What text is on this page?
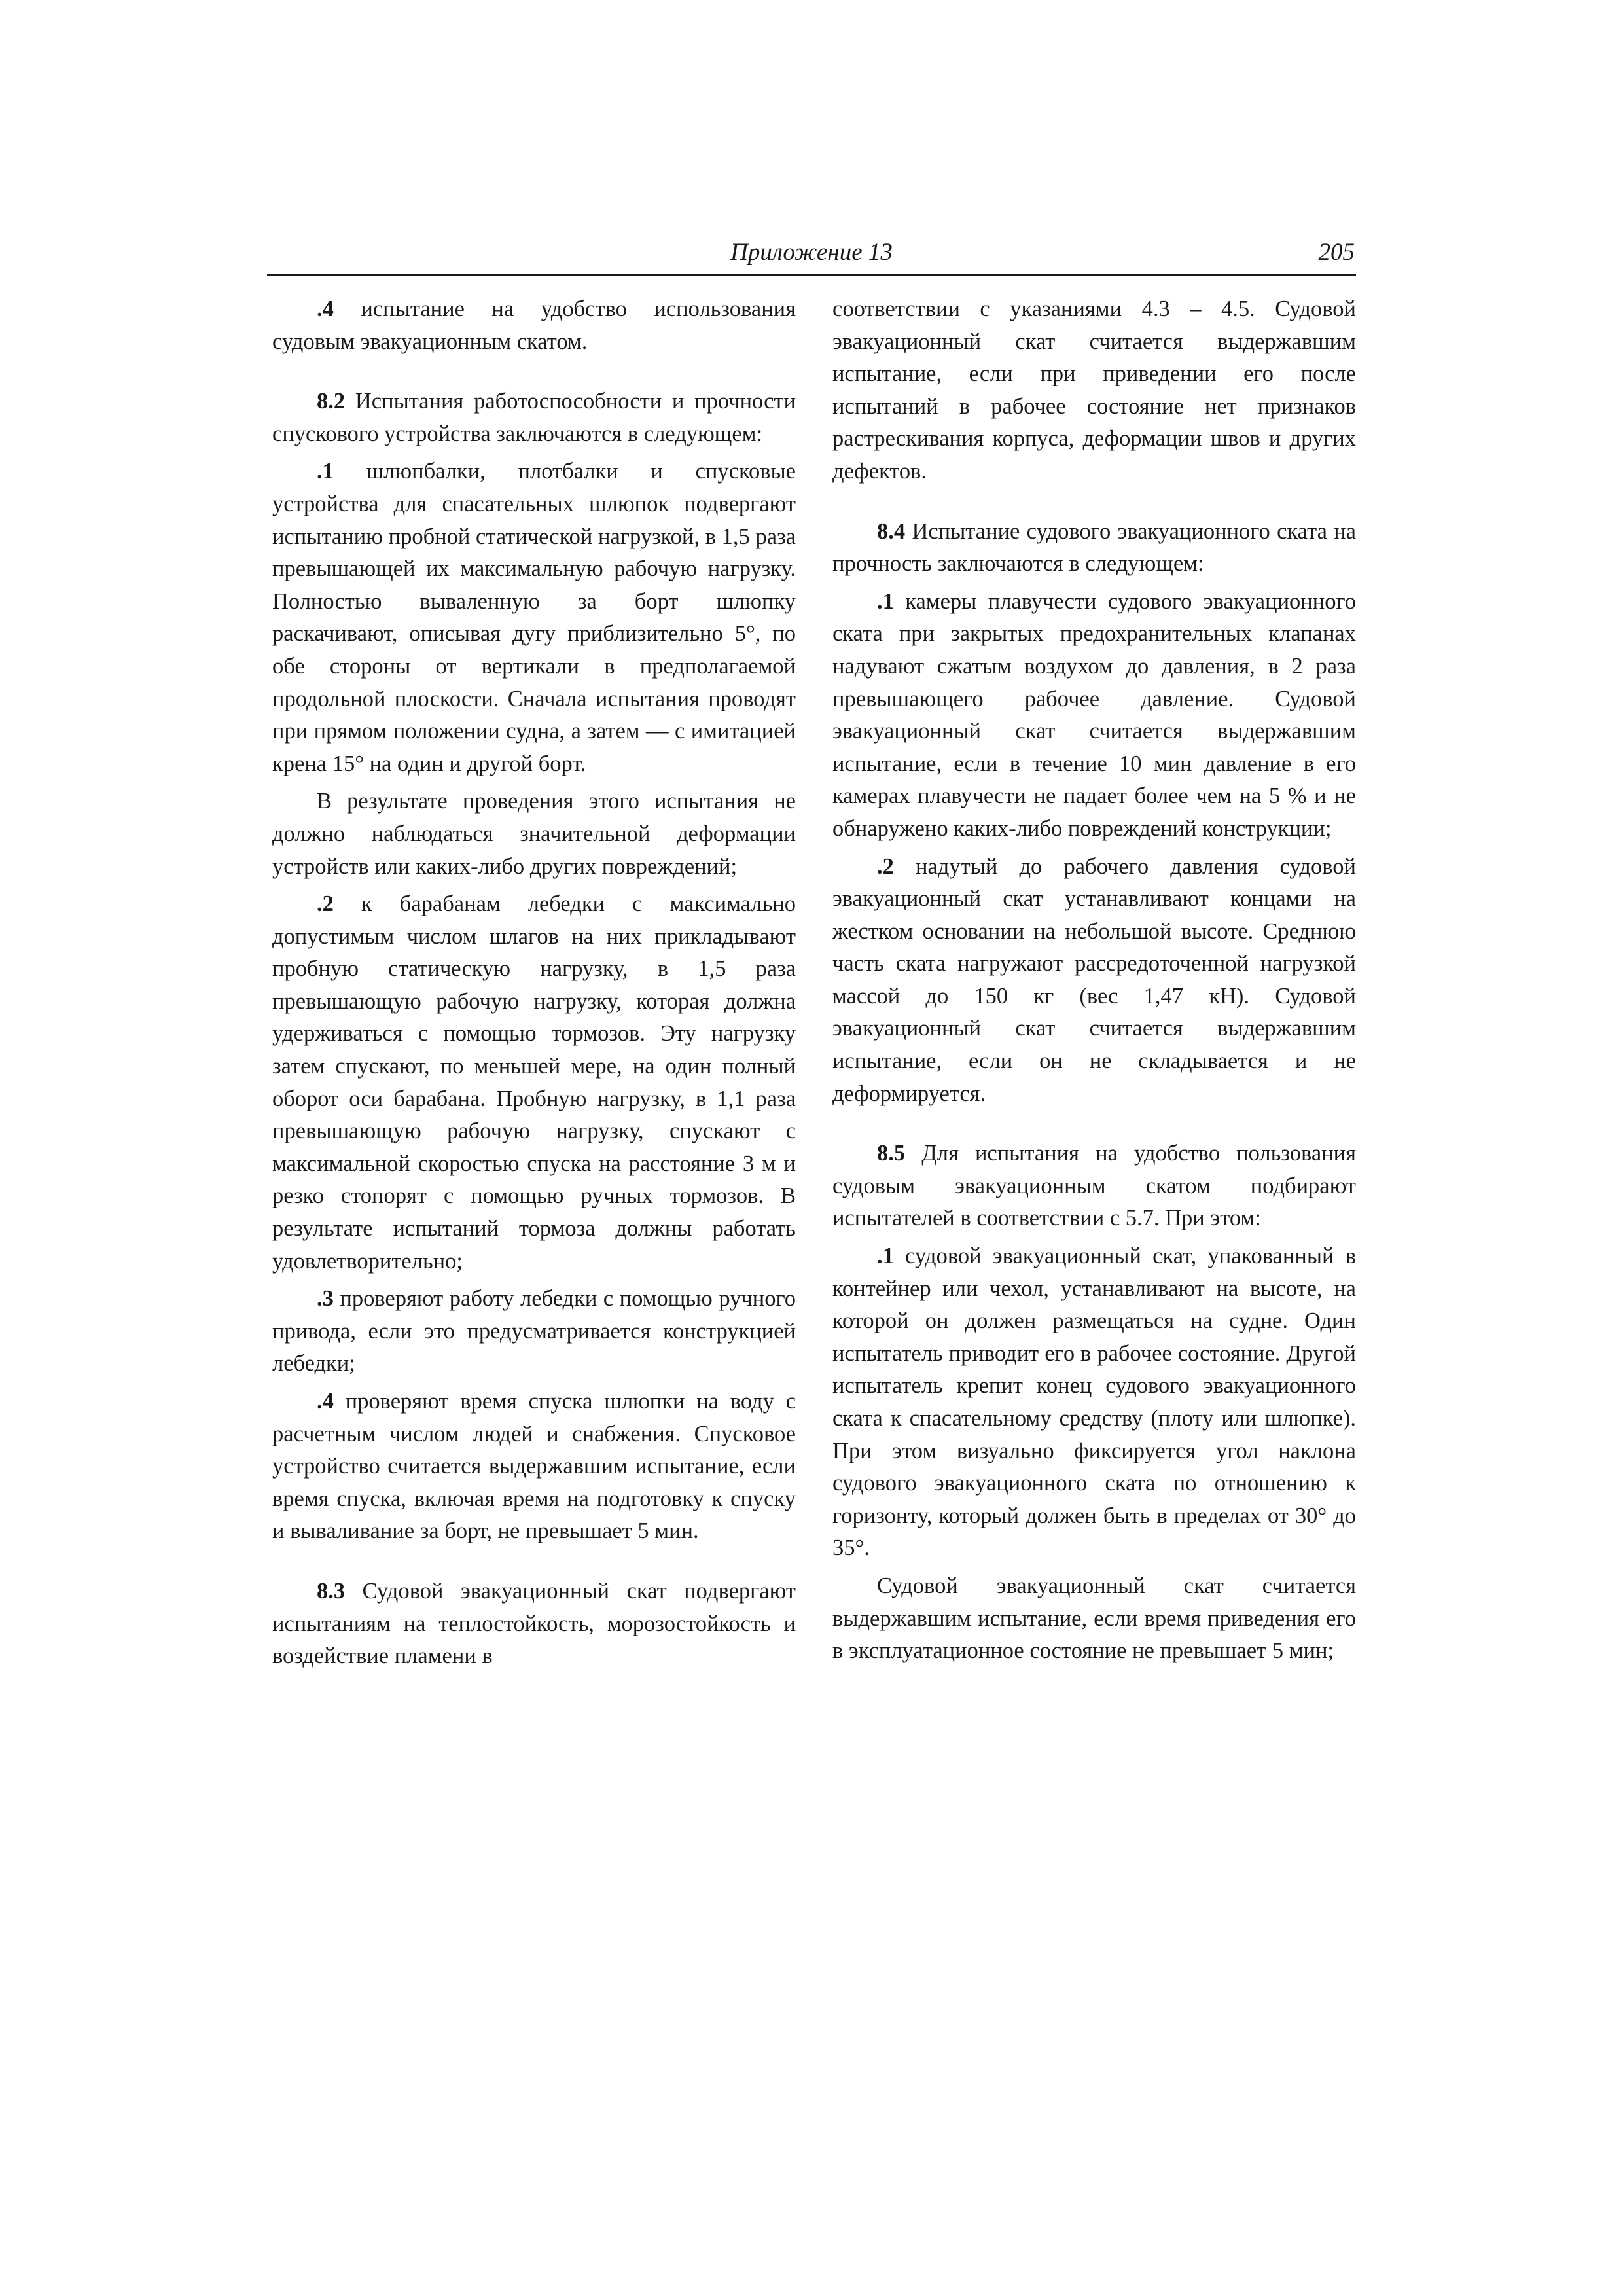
Приложение 13	205

.4 испытание на удобство использования судовым эвакуационным скатом.

8.2 Испытания работоспособности и прочности спускового устройства заключаются в следующем:

.1 шлюпбалки, плотбалки и спусковые устройства для спасательных шлюпок подвергают испытанию пробной статической нагрузкой, в 1,5 раза превышающей их максимальную рабочую нагрузку. Полностью вываленную за борт шлюпку раскачивают, описывая дугу приблизительно 5°, по обе стороны от вертикали в предполагаемой продольной плоскости. Сначала испытания проводят при прямом положении судна, а затем — с имитацией крена 15° на один и другой борт.

В результате проведения этого испытания не должно наблюдаться значительной деформации устройств или каких-либо других повреждений;

.2 к барабанам лебедки с максимально допустимым числом шлагов на них прикладывают пробную статическую нагрузку, в 1,5 раза превышающую рабочую нагрузку, которая должна удерживаться с помощью тормозов. Эту нагрузку затем спускают, по меньшей мере, на один полный оборот оси барабана. Пробную нагрузку, в 1,1 раза превышающую рабочую нагрузку, спускают с максимальной скоростью спуска на расстояние 3 м и резко стопорят с помощью ручных тормозов. В результате испытаний тормоза должны работать удовлетворительно;

.3 проверяют работу лебедки с помощью ручного привода, если это предусматривается конструкцией лебедки;

.4 проверяют время спуска шлюпки на воду с расчетным числом людей и снабжения. Спусковое устройство считается выдержавшим испытание, если время спуска, включая время на подготовку к спуску и вываливание за борт, не превышает 5 мин.

8.3 Судовой эвакуационный скат подвергают испытаниям на теплостойкость, морозостойкость и воздействие пламени в

соответствии с указаниями 4.3 – 4.5. Судовой эвакуационный скат считается выдержавшим испытание, если при приведении его после испытаний в рабочее состояние нет признаков растрескивания корпуса, деформации швов и других дефектов.

8.4 Испытание судового эвакуационного ската на прочность заключаются в следующем:

.1 камеры плавучести судового эвакуационного ската при закрытых предохранительных клапанах надувают сжатым воздухом до давления, в 2 раза превышающего рабочее давление. Судовой эвакуационный скат считается выдержавшим испытание, если в течение 10 мин давление в его камерах плавучести не падает более чем на 5 % и не обнаружено каких-либо повреждений конструкции;

.2 надутый до рабочего давления судовой эвакуационный скат устанавливают концами на жестком основании на небольшой высоте. Среднюю часть ската нагружают рассредоточенной нагрузкой массой до 150 кг (вес 1,47 кН). Судовой эвакуационный скат считается выдержавшим испытание, если он не складывается и не деформируется.

8.5 Для испытания на удобство пользования судовым эвакуационным скатом подбирают испытателей в соответствии с 5.7. При этом:

.1 судовой эвакуационный скат, упакованный в контейнер или чехол, устанавливают на высоте, на которой он должен размещаться на судне. Один испытатель приводит его в рабочее состояние. Другой испытатель крепит конец судового эвакуационного ската к спасательному средству (плоту или шлюпке). При этом визуально фиксируется угол наклона судового эвакуационного ската по отношению к горизонту, который должен быть в пределах от 30° до 35°.

Судовой эвакуационный скат считается выдержавшим испытание, если время приведения его в эксплуатационное состояние не превышает 5 мин;
